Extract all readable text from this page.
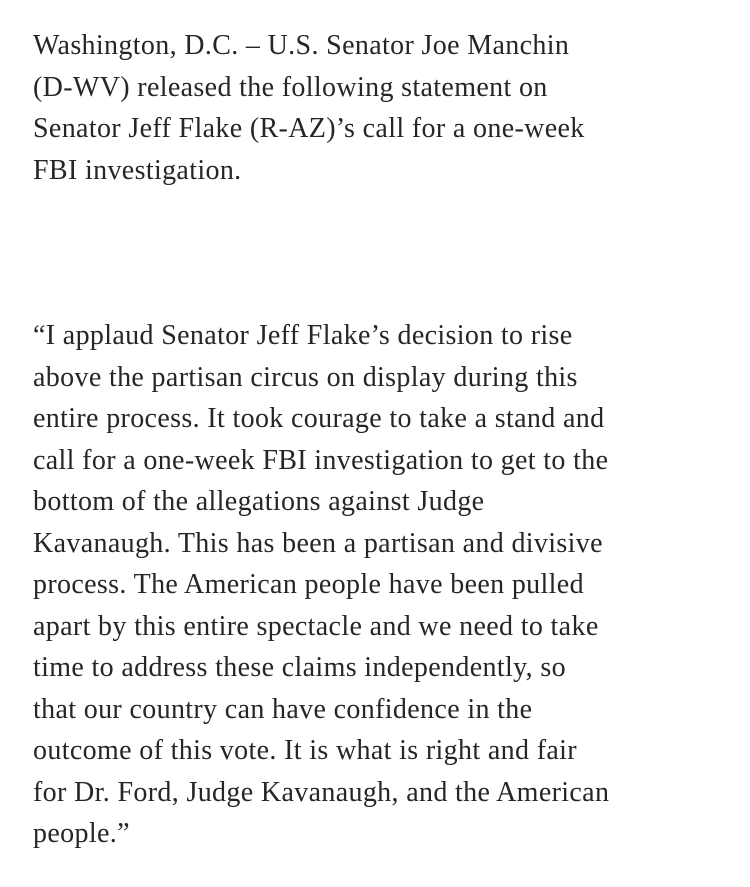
Washington, D.C. – U.S. Senator Joe Manchin
(D-WV) released the following statement on
Senator Jeff Flake (R-AZ)’s call for a one-week
FBI investigation.

“I applaud Senator Jeff Flake’s decision to rise
above the partisan circus on display during this
entire process. It took courage to take a stand and
call for a one-week FBI investigation to get to the
bottom of the allegations against Judge
Kavanaugh. This has been a partisan and divisive
process. The American people have been pulled
apart by this entire spectacle and we need to take
time to address these claims independently, so
that our country can have confidence in the
outcome of this vote. It is what is right and fair
for Dr. Ford, Judge Kavanaugh, and the American
people.”
